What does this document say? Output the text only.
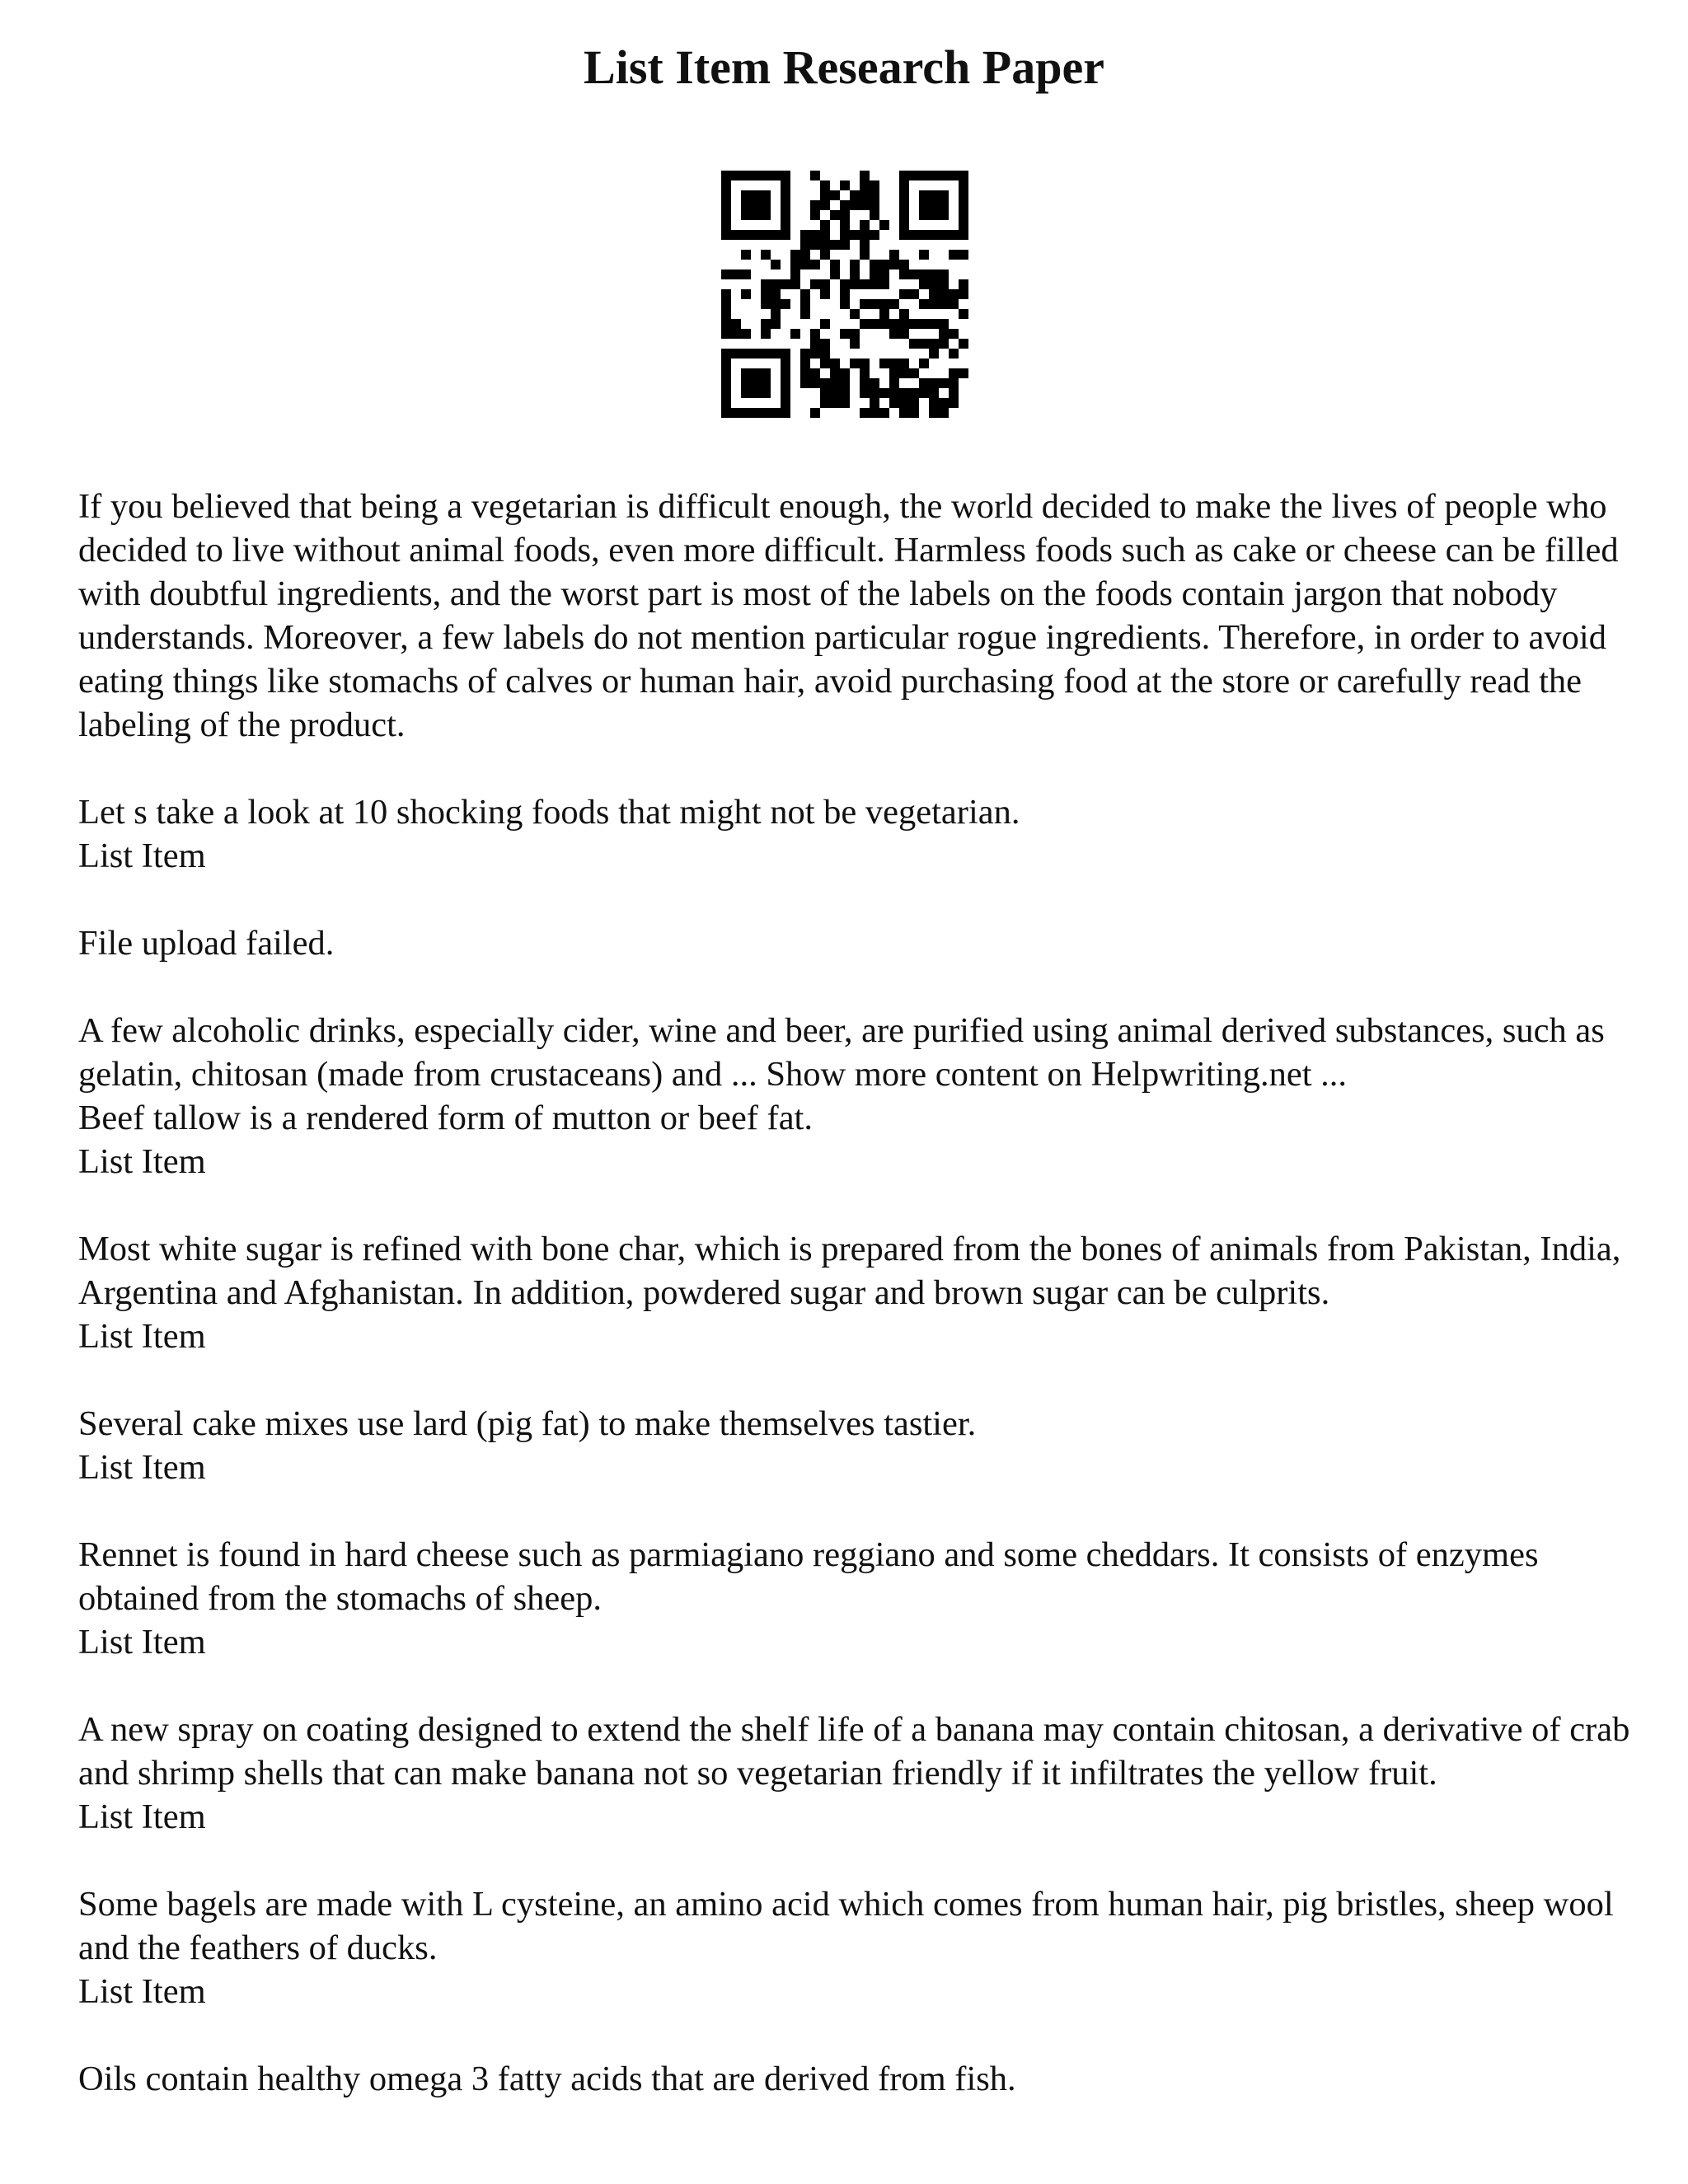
List Item Research Paper

If you believed that being a vegetarian is difficult enough, the world decided to make the lives of people who decided to live without animal foods, even more difficult. Harmless foods such as cake or cheese can be filled with doubtful ingredients, and the worst part is most of the labels on the foods contain jargon that nobody understands. Moreover, a few labels do not mention particular rogue ingredients. Therefore, in order to avoid eating things like stomachs of calves or human hair, avoid purchasing food at the store or carefully read the labeling of the product.

Let s take a look at 10 shocking foods that might not be vegetarian.

List Item

File upload failed.

A few alcoholic drinks, especially cider, wine and beer, are purified using animal derived substances, such as gelatin, chitosan (made from crustaceans) and ... Show more content on Helpwriting.net ...

Beef tallow is a rendered form of mutton or beef fat.

List Item

Most white sugar is refined with bone char, which is prepared from the bones of animals from Pakistan, India, Argentina and Afghanistan. In addition, powdered sugar and brown sugar can be culprits.

List Item

Several cake mixes use lard (pig fat) to make themselves tastier.

List Item

Rennet is found in hard cheese such as parmiagiano reggiano and some cheddars. It consists of enzymes obtained from the stomachs of sheep.

List Item

A new spray on coating designed to extend the shelf life of a banana may contain chitosan, a derivative of crab and shrimp shells that can make banana not so vegetarian friendly if it infiltrates the yellow fruit.

List Item

Some bagels are made with L cysteine, an amino acid which comes from human hair, pig bristles, sheep wool and the feathers of ducks.

List Item

Oils contain healthy omega 3 fatty acids that are derived from fish.
